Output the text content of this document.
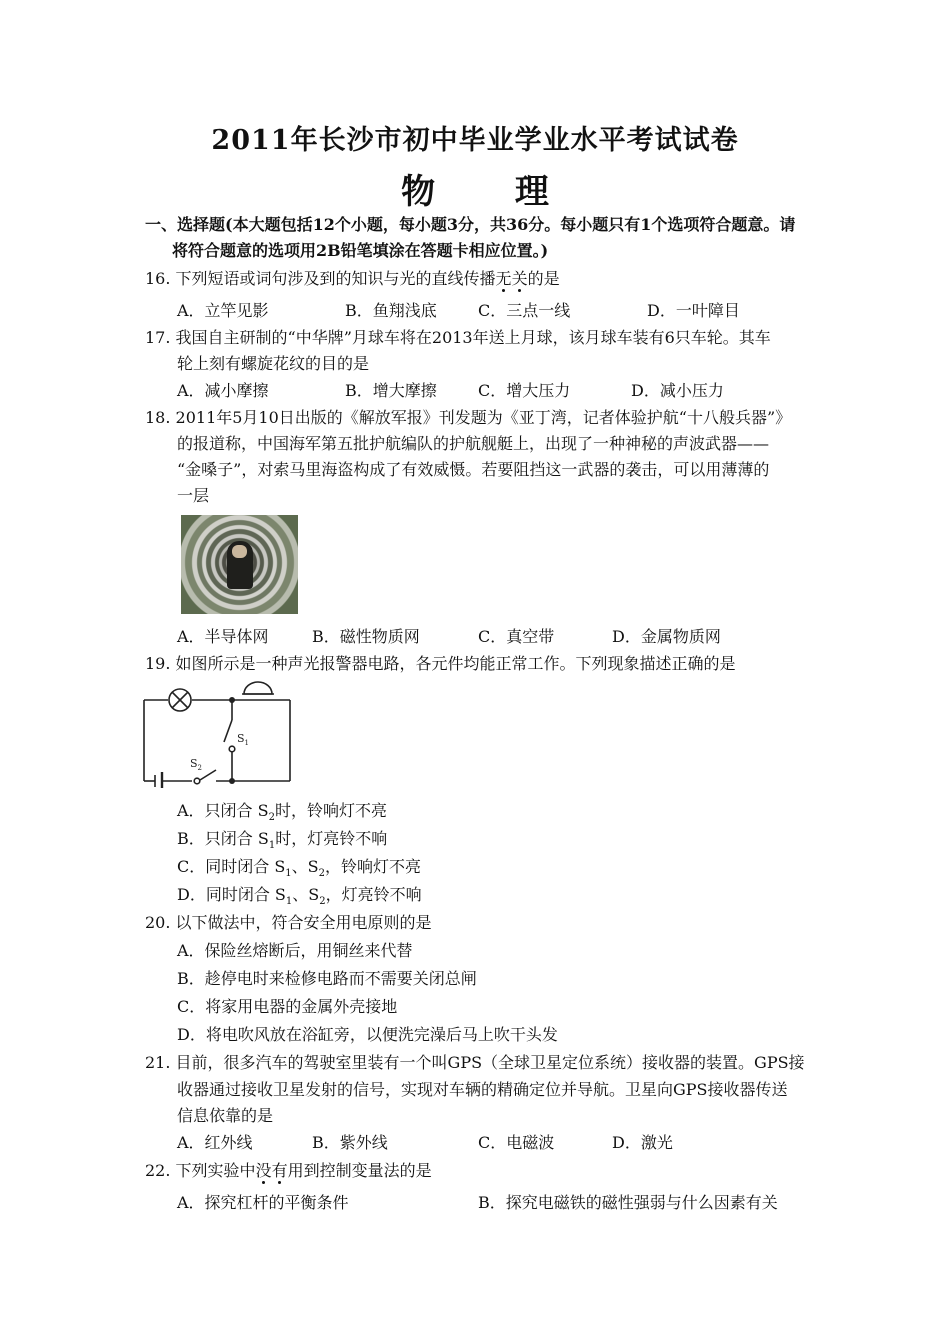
2011年长沙市初中毕业学业水平考试试卷
物 理
一、选择题(本大题包括12个小题，每小题3分，共36分。每小题只有1个选项符合题意。请
将符合题意的选项用2B铅笔填涂在答题卡相应位置。)
16. 下列短语或词句涉及到的知识与光的直线传播无关的是
A．立竿见影	B．鱼翔浅底	C．三点一线	D．一叶障目
17. 我国自主研制的“中华牌”月球车将在2013年送上月球，该月球车装有6只车轮。其车
轮上刻有螺旋花纹的目的是
A．减小摩擦	B．增大摩擦	C．增大压力	D．减小压力
18. 2011年5月10日出版的《解放军报》刊发题为《亚丁湾，记者体验护航“十八般兵器”》
的报道称，中国海军第五批护航编队的护航舰艇上，出现了一种神秘的声波武器——
“金嗓子”，对索马里海盗构成了有效威慑。若要阻挡这一武器的袭击，可以用薄薄的
一层
A．半导体网	B．磁性物质网	C．真空带	D．金属物质网
19. 如图所示是一种声光报警器电路，各元件均能正常工作。下列现象描述正确的是
$S_1$
$S_2$
A．只闭合 $S_2$时，铃响灯不亮
B．只闭合 $S_1$时，灯亮铃不响
C．同时闭合 $S_1$、$S_2$，铃响灯不亮
D．同时闭合 $S_1$、$S_2$，灯亮铃不响
20. 以下做法中，符合安全用电原则的是
A．保险丝熔断后，用铜丝来代替
B．趁停电时来检修电路而不需要关闭总闸
C．将家用电器的金属外壳接地
D．将电吹风放在浴缸旁，以便洗完澡后马上吹干头发
21. 目前，很多汽车的驾驶室里装有一个叫GPS（全球卫星定位系统）接收器的装置。GPS接
收器通过接收卫星发射的信号，实现对车辆的精确定位并导航。卫星向GPS接收器传送
信息依靠的是
A．红外线	B．紫外线	C．电磁波	D．激光
22. 下列实验中没有用到控制变量法的是
A．探究杠杆的平衡条件	B．探究电磁铁的磁性强弱与什么因素有关
